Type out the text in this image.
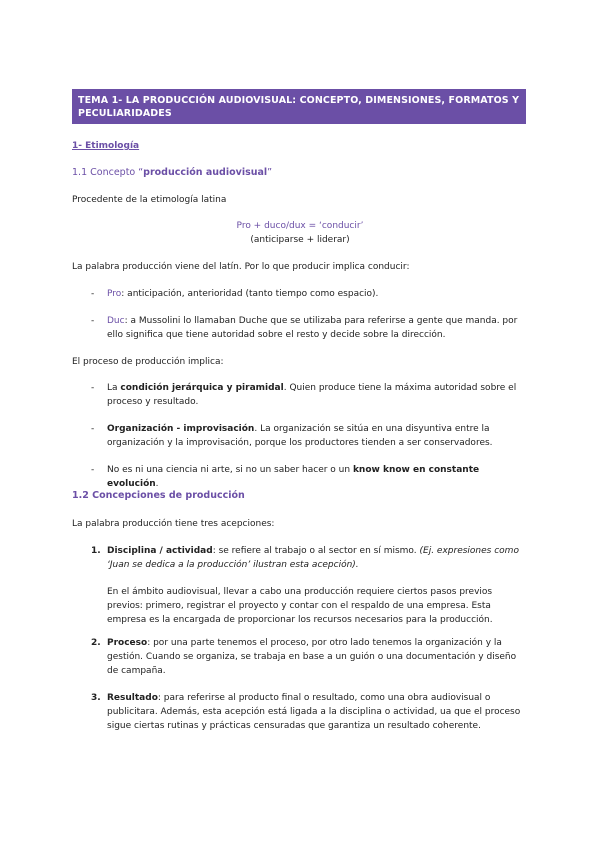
TEMA 1- LA PRODUCCIÓN AUDIOVISUAL: CONCEPTO, DIMENSIONES, FORMATOS Y PECULIARIDADES
1- Etimología
1.1 Concepto “producción audiovisual”
Procedente de la etimología latina
Pro + duco/dux = ‘conducir’
(anticiparse + liderar)
La palabra producción viene del latín. Por lo que producir implica conducir:
- Pro: anticipación, anterioridad (tanto tiempo como espacio).
- Duc: a Mussolini lo llamaban Duche que se utilizaba para referirse a gente que manda. por ello significa que tiene autoridad sobre el resto y decide sobre la dirección.
El proceso de producción implica:
- La condición jerárquica y piramidal. Quien produce tiene la máxima autoridad sobre el proceso y resultado.
- Organización - improvisación. La organización se sitúa en una disyuntiva entre la organización y la improvisación, porque los productores tienden a ser conservadores.
- No es ni una ciencia ni arte, si no un saber hacer o un know know en constante evolución.
1.2 Concepciones de producción
La palabra producción tiene tres acepciones:
1. Disciplina / actividad: se refiere al trabajo o al sector en sí mismo. (Ej. expresiones como ‘Juan se dedica a la producción’ ilustran esta acepción).
En el ámbito audiovisual, llevar a cabo una producción requiere ciertos pasos previos previos: primero, registrar el proyecto y contar con el respaldo de una empresa. Esta empresa es la encargada de proporcionar los recursos necesarios para la producción.
2. Proceso: por una parte tenemos el proceso, por otro lado tenemos la organización y la gestión. Cuando se organiza, se trabaja en base a un guión o una documentación y diseño de campaña.
3. Resultado: para referirse al producto final o resultado, como una obra audiovisual o publicitara. Además, esta acepción está ligada a la disciplina o actividad, ua que el proceso sigue ciertas rutinas y prácticas censuradas que garantiza un resultado coherente.
